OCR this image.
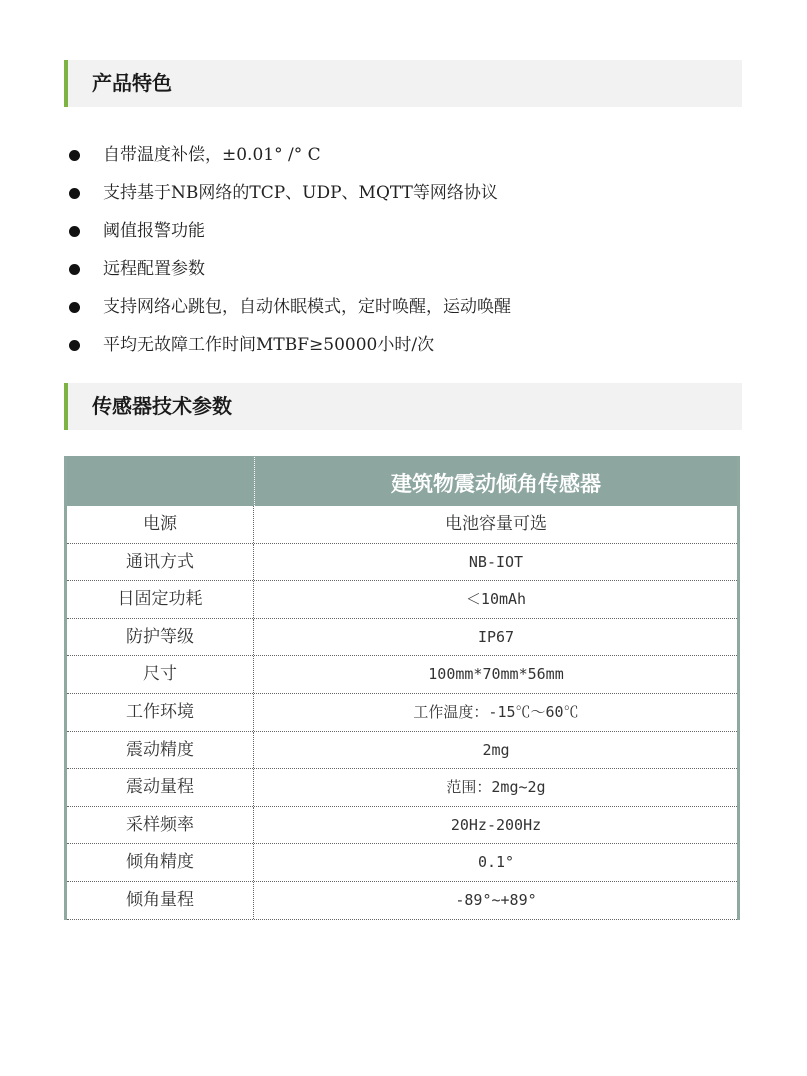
产品特色
自带温度补偿，±0.01° /° C
支持基于NB网络的TCP、UDP、MQTT等网络协议
阈值报警功能
远程配置参数
支持网络心跳包，自动休眠模式，定时唤醒，运动唤醒
平均无故障工作时间MTBF≥50000小时/次
传感器技术参数
建筑物震动倾角传感器
电源	电池容量可选
通讯方式	NB-IOT
日固定功耗	＜10mAh
防护等级	IP67
尺寸	100mm*70mm*56mm
工作环境	工作温度：-15℃～60℃
震动精度	2mg
震动量程	范围：2mg~2g
采样频率	20Hz-200Hz
倾角精度	0.1°
倾角量程	-89°~+89°
